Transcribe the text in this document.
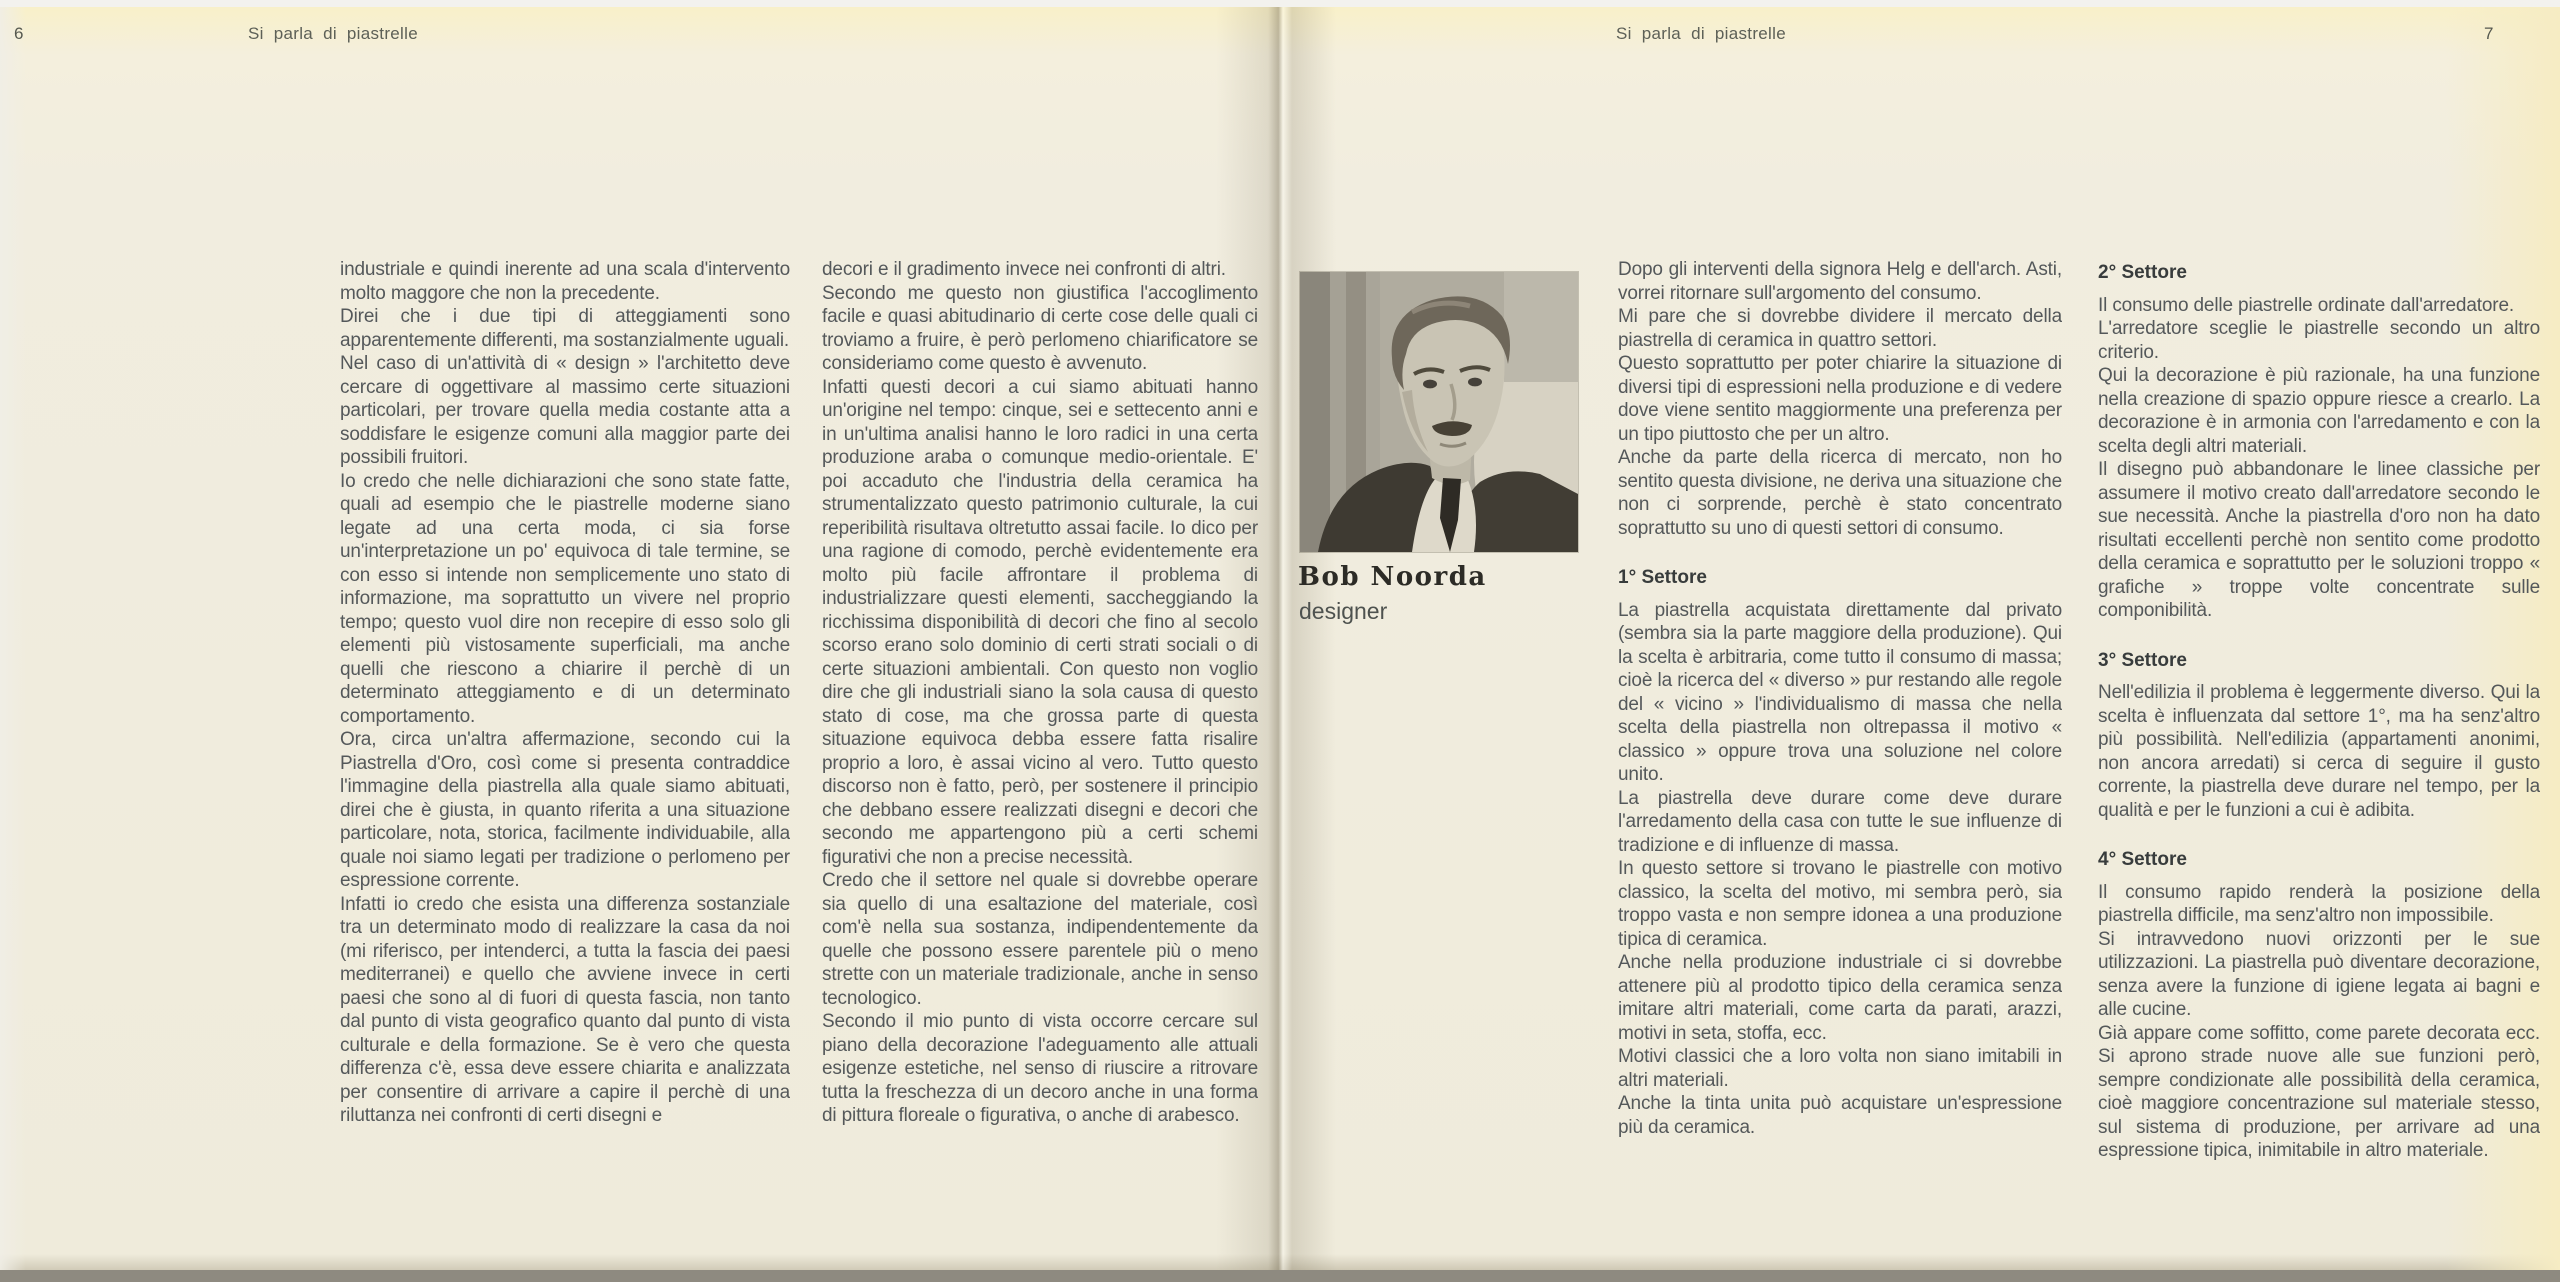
6	Si parla di piastrelle

industriale e quindi inerente ad una scala d'intervento molto maggore che non la precedente.

Direi che i due tipi di atteggiamenti sono apparentemente differenti, ma sostanzialmente uguali.

Nel caso di un'attività di « design » l'architetto deve cercare di oggettivare al massimo certe situazioni particolari, per trovare quella media costante atta a soddisfare le esigenze comuni alla maggior parte dei possibili fruitori.

Io credo che nelle dichiarazioni che sono state fatte, quali ad esempio che le piastrelle moderne siano legate ad una certa moda, ci sia forse un'interpretazione un po' equivoca di tale termine, se con esso si intende non semplicemente uno stato di informazione, ma soprattutto un vivere nel proprio tempo; questo vuol dire non recepire di esso solo gli elementi più vistosamente superficiali, ma anche quelli che riescono a chiarire il perchè di un determinato atteggiamento e di un determinato comportamento.

Ora, circa un'altra affermazione, secondo cui la Piastrella d'Oro, così come si presenta contraddice l'immagine della piastrella alla quale siamo abituati, direi che è giusta, in quanto riferita a una situazione particolare, nota, storica, facilmente individuabile, alla quale noi siamo legati per tradizione o perlomeno per espressione corrente.

Infatti io credo che esista una differenza sostanziale tra un determinato modo di realizzare la casa da noi (mi riferisco, per intenderci, a tutta la fascia dei paesi mediterranei) e quello che avviene invece in certi paesi che sono al di fuori di questa fascia, non tanto dal punto di vista geografico quanto dal punto di vista culturale e della formazione. Se è vero che questa differenza c'è, essa deve essere chiarita e analizzata per consentire di arrivare a capire il perchè di una riluttanza nei confronti di certi disegni e

decori e il gradimento invece nei confronti di altri.

Secondo me questo non giustifica l'accoglimento facile e quasi abitudinario di certe cose delle quali ci troviamo a fruire, è però perlomeno chiarificatore se consideriamo come questo è avvenuto.

Infatti questi decori a cui siamo abituati hanno un'origine nel tempo: cinque, sei e settecento anni e in un'ultima analisi hanno le loro radici in una certa produzione araba o comunque medio-orientale. E' poi accaduto che l'industria della ceramica ha strumentalizzato questo patrimonio culturale, la cui reperibilità risultava oltretutto assai facile. Io dico per una ragione di comodo, perchè evidentemente era molto più facile affrontare il problema di industrializzare questi elementi, saccheggiando la ricchissima disponibilità di decori che fino al secolo scorso erano solo dominio di certi strati sociali o di certe situazioni ambientali. Con questo non voglio dire che gli industriali siano la sola causa di questo stato di cose, ma che grossa parte di questa situazione equivoca debba essere fatta risalire proprio a loro, è assai vicino al vero. Tutto questo discorso non è fatto, però, per sostenere il principio che debbano essere realizzati disegni e decori che secondo me appartengono più a certi schemi figurativi che non a precise necessità.

Credo che il settore nel quale si dovrebbe operare sia quello di una esaltazione del materiale, così com'è nella sua sostanza, indipendentemente da quelle che possono essere parentele più o meno strette con un materiale tradizionale, anche in senso tecnologico.

Secondo il mio punto di vista occorre cercare sul piano della decorazione l'adeguamento alle attuali esigenze estetiche, nel senso di riuscire a ritrovare tutta la freschezza di un decoro anche in una forma di pittura floreale o figurativa, o anche di arabesco.

Si parla di piastrelle	7
Bob Noorda
designer

Dopo gli interventi della signora Helg e dell'arch. Asti, vorrei ritornare sull'argomento del consumo.

Mi pare che si dovrebbe dividere il mercato della piastrella di ceramica in quattro settori.

Questo soprattutto per poter chiarire la situazione di diversi tipi di espressioni nella produzione e di vedere dove viene sentito maggiormente una preferenza per un tipo piuttosto che per un altro.

Anche da parte della ricerca di mercato, non ho sentito questa divisione, ne deriva una situazione che non ci sorprende, perchè è stato concentrato soprattutto su uno di questi settori di consumo.

1° Settore

La piastrella acquistata direttamente dal privato (sembra sia la parte maggiore della produzione). Qui la scelta è arbitraria, come tutto il consumo di massa; cioè la ricerca del « diverso » pur restando alle regole del « vicino » l'individualismo di massa che nella scelta della piastrella non oltrepassa il motivo « classico » oppure trova una soluzione nel colore unito.

La piastrella deve durare come deve durare l'arredamento della casa con tutte le sue influenze di tradizione e di influenze di massa.

In questo settore si trovano le piastrelle con motivo classico, la scelta del motivo, mi sembra però, sia troppo vasta e non sempre idonea a una produzione tipica di ceramica.

Anche nella produzione industriale ci si dovrebbe attenere più al prodotto tipico della ceramica senza imitare altri materiali, come carta da parati, arazzi, motivi in seta, stoffa, ecc.

Motivi classici che a loro volta non siano imitabili in altri materiali.

Anche la tinta unita può acquistare un'espressione più da ceramica.

2° Settore

Il consumo delle piastrelle ordinate dall'arredatore.

L'arredatore sceglie le piastrelle secondo un altro criterio.

Qui la decorazione è più razionale, ha una funzione nella creazione di spazio oppure riesce a crearlo. La decorazione è in armonia con l'arredamento e con la scelta degli altri materiali.

Il disegno può abbandonare le linee classiche per assumere il motivo creato dall'arredatore secondo le sue necessità. Anche la piastrella d'oro non ha dato risultati eccellenti perchè non sentito come prodotto della ceramica e soprattutto per le soluzioni troppo « grafiche » troppe volte concentrate sulle componibilità.

3° Settore

Nell'edilizia il problema è leggermente diverso. Qui la scelta è influenzata dal settore 1°, ma ha senz'altro più possibilità. Nell'edilizia (appartamenti anonimi, non ancora arredati) si cerca di seguire il gusto corrente, la piastrella deve durare nel tempo, per la qualità e per le funzioni a cui è adibita.

4° Settore

Il consumo rapido renderà la posizione della piastrella difficile, ma senz'altro non impossibile.

Si intravvedono nuovi orizzonti per le sue utilizzazioni. La piastrella può diventare decorazione, senza avere la funzione di igiene legata ai bagni e alle cucine.

Già appare come soffitto, come parete decorata ecc. Si aprono strade nuove alle sue funzioni però, sempre condizionate alle possibilità della ceramica, cioè maggiore concentrazione sul materiale stesso, sul sistema di produzione, per arrivare ad una espressione tipica, inimitabile in altro materiale.
